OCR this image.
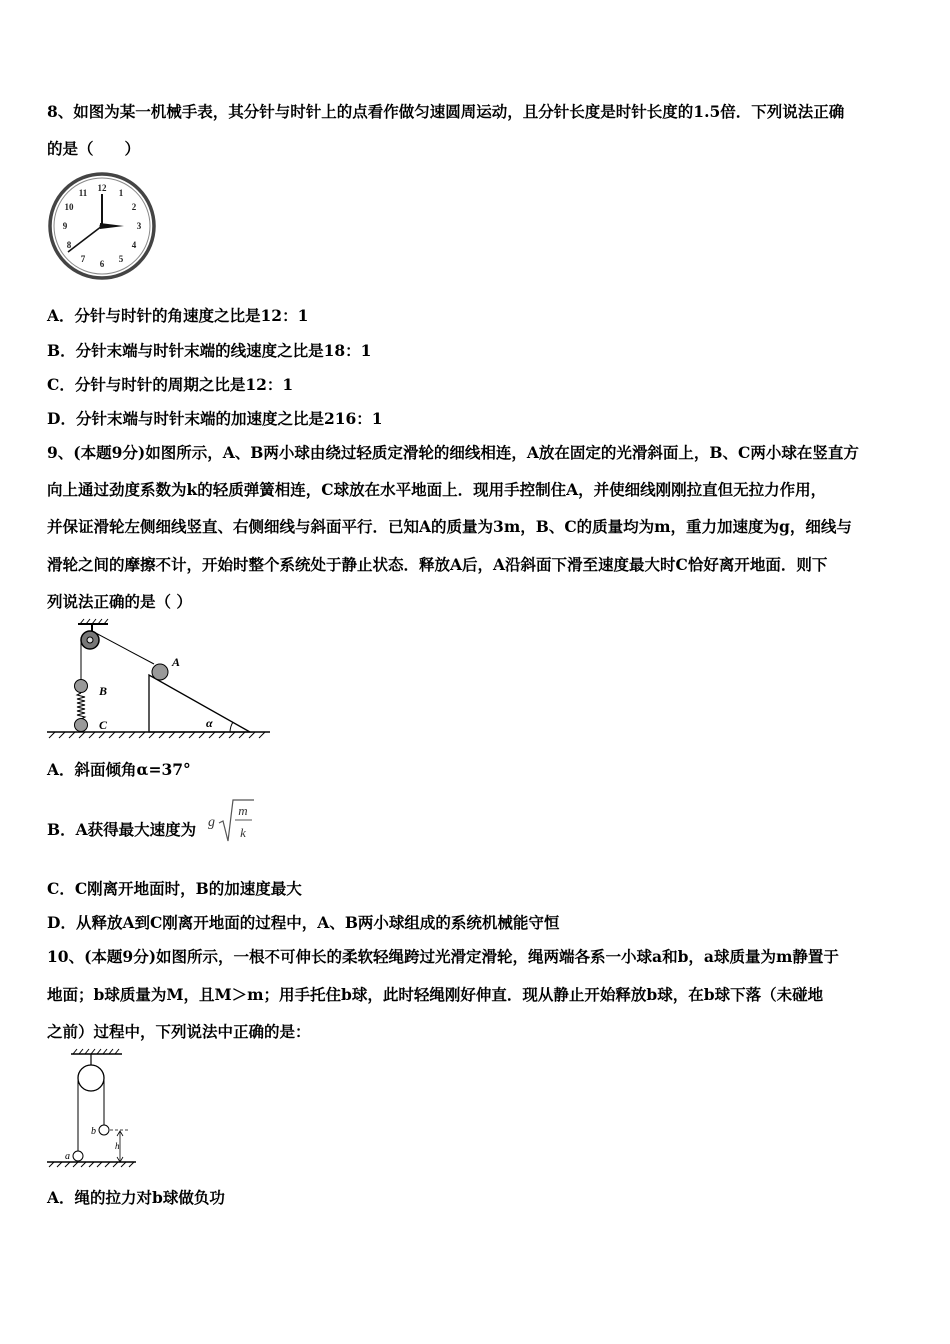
8、如图为某一机械手表，其分针与时针上的点看作做匀速圆周运动，且分针长度是时针长度的1.5倍．下列说法正确
的是（　　）
12 1
2
3
4
5
6
7
8
9
10
11
A．分针与时针的角速度之比是12：1
B．分针末端与时针末端的线速度之比是18：1
C．分针与时针的周期之比是12：1
D．分针末端与时针末端的加速度之比是216：1
9、(本题9分)如图所示，A、B两小球由绕过轻质定滑轮的细线相连，A放在固定的光滑斜面上，B、C两小球在竖直方
向上通过劲度系数为k的轻质弹簧相连，C球放在水平地面上．现用手控制住A，并使细线刚刚拉直但无拉力作用，
并保证滑轮左侧细线竖直、右侧细线与斜面平行．已知A的质量为3m，B、C的质量均为m，重力加速度为g，细线与
滑轮之间的摩擦不计，开始时整个系统处于静止状态．释放A后，A沿斜面下滑至速度最大时C恰好离开地面．则下
列说法正确的是（ ）
B
C
A
α
A．斜面倾角α=37°
B．A获得最大速度为 g
m
k
C．C刚离开地面时，B的加速度最大
D．从释放A到C刚离开地面的过程中，A、B两小球组成的系统机械能守恒
10、(本题9分)如图所示，一根不可伸长的柔软轻绳跨过光滑定滑轮，绳两端各系一小球a和b，a球质量为m静置于
地面；b球质量为M，且M＞m；用手托住b球，此时轻绳刚好伸直．现从静止开始释放b球，在b球下落（未碰地
之前）过程中，下列说法中正确的是：
a
b
h
A．绳的拉力对b球做负功
